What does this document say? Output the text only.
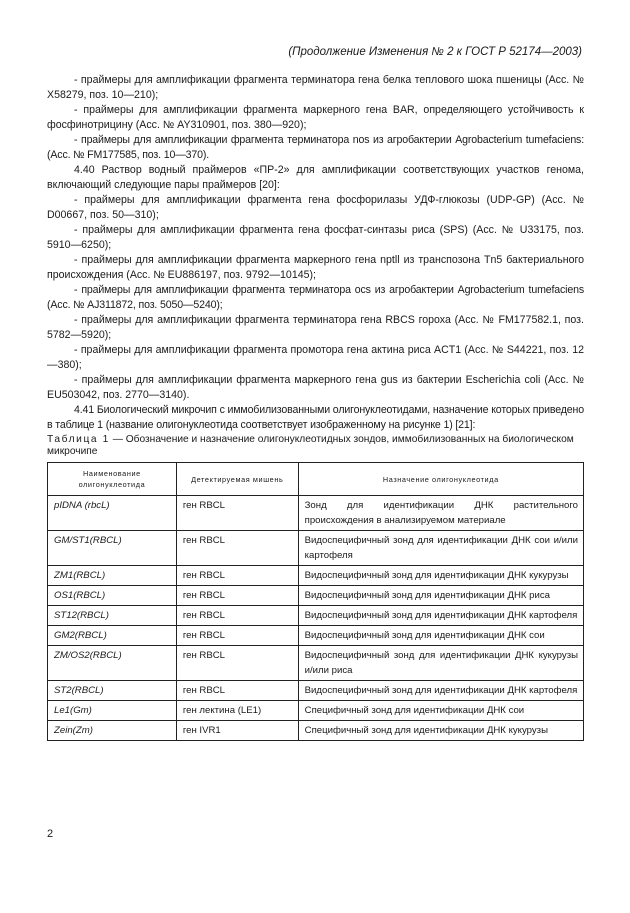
(Продолжение Изменения № 2 к ГОСТ Р 52174—2003)

- праймеры для амплификации фрагмента терминатора гена белка теплового шока пшеницы (Асс. № Х58279, поз. 10—210);

- праймеры для амплификации фрагмента маркерного гена BAR, определяющего устойчивость к фосфинотрицину (Асс. № AY310901, поз. 380—920);

- праймеры для амплификации фрагмента терминатора nos из агробактерии Agrobacterium tumefaciens: (Асс. № FM177585, поз. 10—370).

4.40 Раствор водный праймеров «ПР-2» для амплификации соответствующих участков генома, включающий следующие пары праймеров [20]:

- праймеры для амплификации фрагмента гена фосфорилазы УДФ-глюкозы (UDP-GP) (Асс. № D00667, поз. 50—310);

- праймеры для амплификации фрагмента гена фосфат-синтазы риса (SPS) (Асс. № U33175, поз. 5910—6250);

- праймеры для амплификации фрагмента маркерного гена nptll из транспозона Tn5 бактериального происхождения (Асс. № EU886197, поз. 9792—10145);

- праймеры для амплификации фрагмента терминатора ocs из агробактерии Agrobacterium tumefaciens (Асс. № AJ311872, поз. 5050—5240);

- праймеры для амплификации фрагмента терминатора гена RBCS гороха (Асс. № FM177582.1, поз. 5782—5920);

- праймеры для амплификации фрагмента промотора гена актина риса ACT1 (Асс. № S44221, поз. 12—380);

- праймеры для амплификации фрагмента маркерного гена gus из бактерии Escherichia coli (Асс. № EU503042, поз. 2770—3140).

4.41 Биологический микрочип с иммобилизованными олигонуклеотидами, назначение которых приведено в таблице 1 (название олигонуклеотида соответствует изображенному на рисунке 1) [21]:

Таблица 1 — Обозначение и назначение олигонуклеотидных зондов, иммобилизованных на биологическом микрочипе
Наименование олигонуклеотида	Детектируемая мишень	Назначение олигонуклеотида
pIDNA (rbcL)	ген RBCL	Зонд для идентификации ДНК растительного происхождения в анализируемом материале
GM/ST1(RBCL)	ген RBCL	Видоспецифичный зонд для идентификации ДНК сои и/или картофеля
ZM1(RBCL)	ген RBCL	Видоспецифичный зонд для идентификации ДНК кукурузы
OS1(RBCL)	ген RBCL	Видоспецифичный зонд для идентификации ДНК риса
ST12(RBCL)	ген RBCL	Видоспецифичный зонд для идентификации ДНК картофеля
GM2(RBCL)	ген RBCL	Видоспецифичный зонд для идентификации ДНК сои
ZM/OS2(RBCL)	ген RBCL	Видоспецифичный зонд для идентификации ДНК кукурузы и/или риса
ST2(RBCL)	ген RBCL	Видоспецифичный зонд для идентификации ДНК картофеля
Le1(Gm)	ген лектина (LE1)	Специфичный зонд для идентификации ДНК сои
Zein(Zm)	ген IVR1	Специфичный зонд для идентификации ДНК кукурузы
2
